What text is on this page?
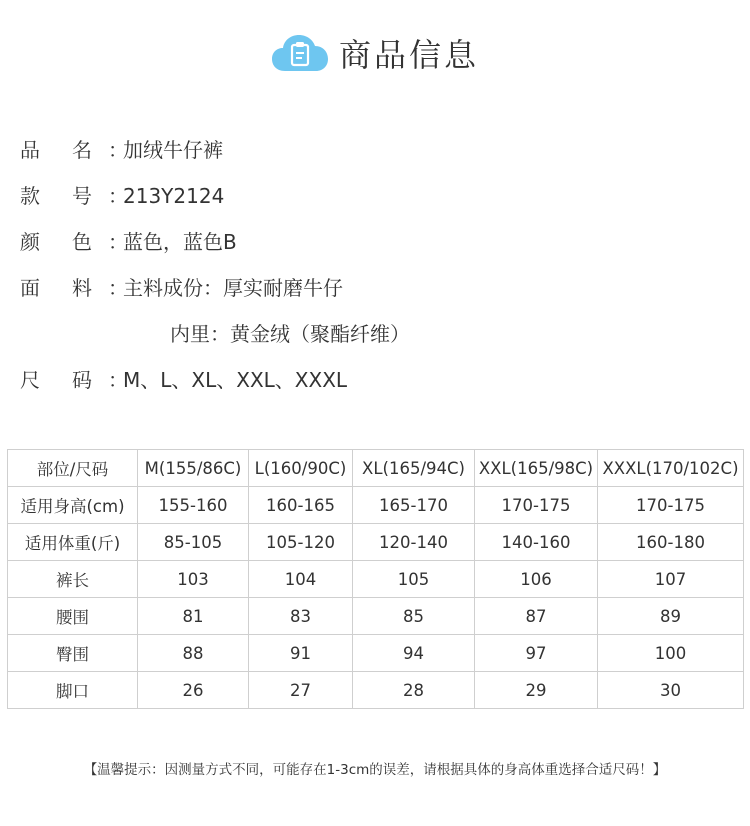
商品信息
品 名 ：加绒牛仔裤
款 号 ：213Y2124
颜 色 ：蓝色，蓝色B
面 料 ：主料成份：厚实耐磨牛仔
内里：黄金绒（聚酯纤维）
尺 码 ：M、L、XL、XXL、XXXL
部位/尺码	M(155/86C)	L(160/90C)	XL(165/94C)	XXL(165/98C)	XXXL(170/102C)
适用身高(cm)	155-160	160-165	165-170	170-175	170-175
适用体重(斤)	85-105	105-120	120-140	140-160	160-180
裤长	103	104	105	106	107
腰围	81	83	85	87	89
臀围	88	91	94	97	100
脚口	26	27	28	29	30
【温馨提示：因测量方式不同，可能存在1-3cm的误差，请根据具体的身高体重选择合适尺码！】
